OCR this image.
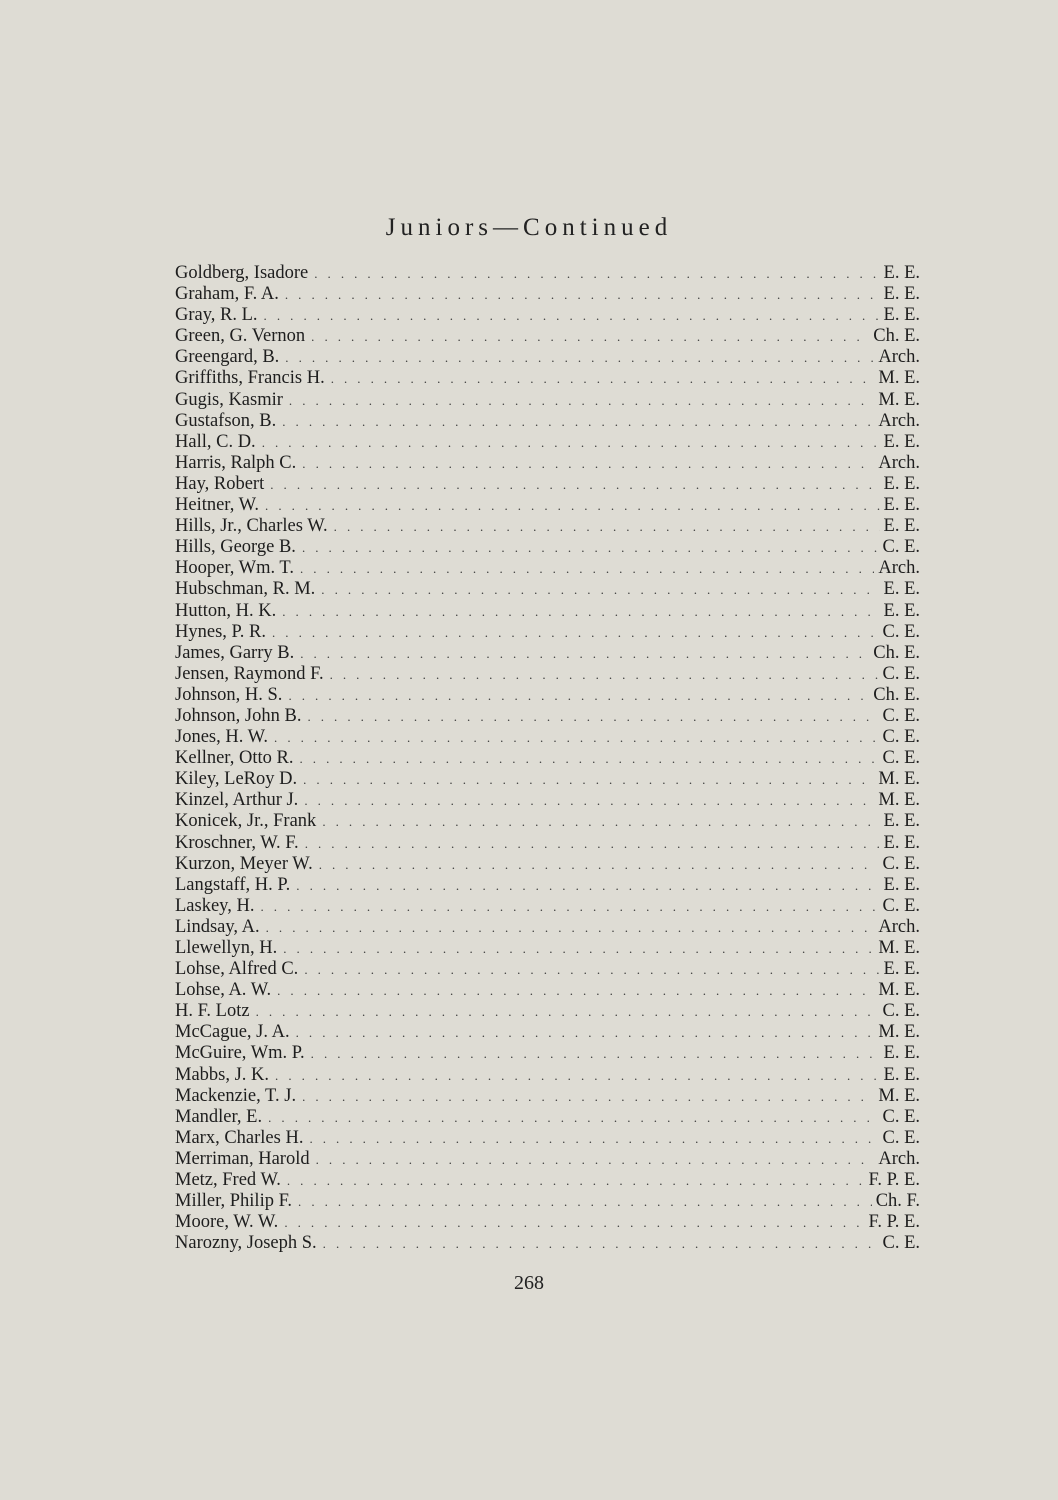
Juniors—Continued
Goldberg, Isadore . . .	E. E.
Graham, F. A. . . .	E. E.
Gray, R. L. . . .	E. E.
Green, G. Vernon . . .	Ch. E.
Greengard, B. . . .	Arch.
Griffiths, Francis H. . . .	M. E.
Gugis, Kasmir . . .	M. E.
Gustafson, B. . . .	Arch.
Hall, C. D. . . .	E. E.
Harris, Ralph C. . . .	Arch.
Hay, Robert . . .	E. E.
Heitner, W. . . .	E. E.
Hills, Jr., Charles W. . . .	E. E.
Hills, George B. . . .	C. E.
Hooper, Wm. T. . . .	Arch.
Hubschman, R. M. . . .	E. E.
Hutton, H. K. . . .	E. E.
Hynes, P. R. . . .	C. E.
James, Garry B. . . .	Ch. E.
Jensen, Raymond F. . . .	C. E.
Johnson, H. S. . . .	Ch. E.
Johnson, John B. . . .	C. E.
Jones, H. W. . . .	C. E.
Kellner, Otto R. . . .	C. E.
Kiley, LeRoy D. . . .	M. E.
Kinzel, Arthur J. . . .	M. E.
Konicek, Jr., Frank . . .	E. E.
Kroschner, W. F. . . .	E. E.
Kurzon, Meyer W. . . .	C. E.
Langstaff, H. P. . . .	E. E.
Laskey, H. . . .	C. E.
Lindsay, A. . . .	Arch.
Llewellyn, H. . . .	M. E.
Lohse, Alfred C. . . .	E. E.
Lohse, A. W. . . .	M. E.
H. F. Lotz . . .	C. E.
McCague, J. A. . . .	M. E.
McGuire, Wm. P. . . .	E. E.
Mabbs, J. K. . . .	E. E.
Mackenzie, T. J. . . .	M. E.
Mandler, E. . . .	C. E.
Marx, Charles H. . . .	C. E.
Merriman, Harold . . .	Arch.
Metz, Fred W. . . .	F. P. E.
Miller, Philip F. . . .	Ch. F.
Moore, W. W. . . .	F. P. E.
Narozny, Joseph S. . . .	C. E.
268
